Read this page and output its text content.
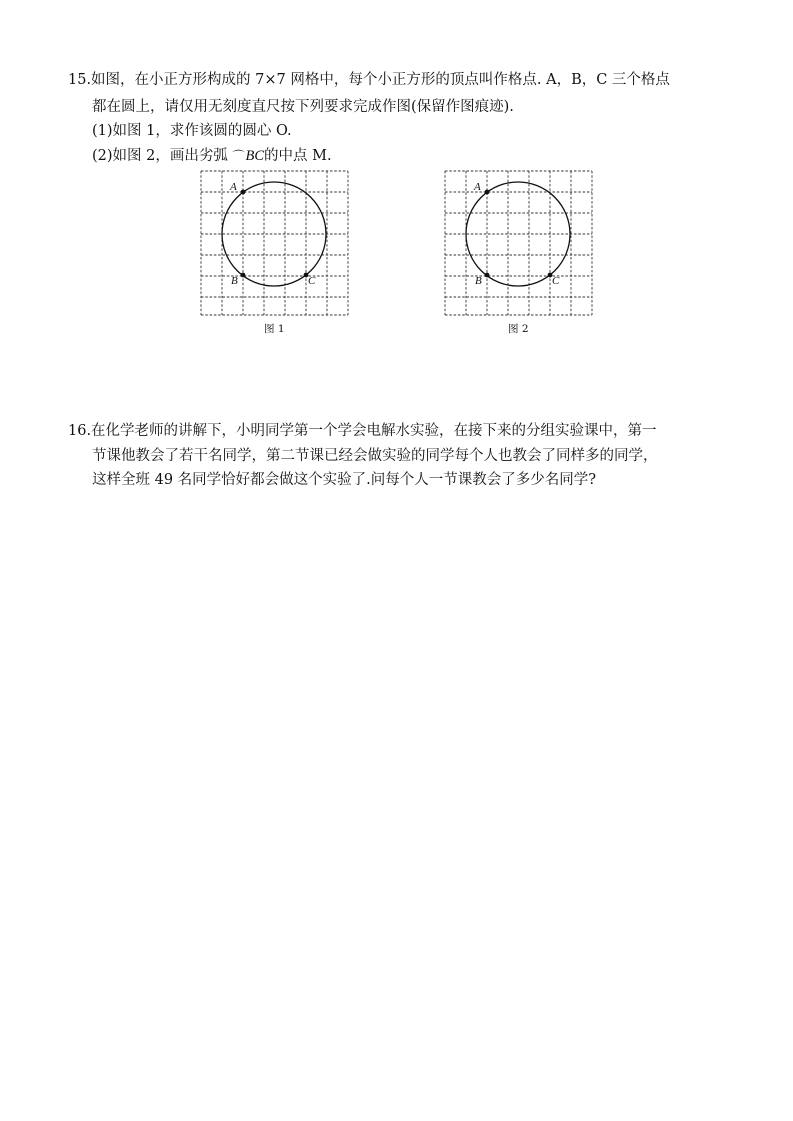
15.如图，在小正方形构成的 7×7 网格中，每个小正方形的顶点叫作格点. A，B，C 三个格点
都在圆上，请仅用无刻度直尺按下列要求完成作图(保留作图痕迹).
(1)如图 1，求作该圆的圆心 O.
(2)如图 2，画出劣弧 ⌒BC的中点 M.
A
B	C
图 1
A
B	C
图 2
16.在化学老师的讲解下，小明同学第一个学会电解水实验，在接下来的分组实验课中，第一
节课他教会了若干名同学，第二节课已经会做实验的同学每个人也教会了同样多的同学，
这样全班 49 名同学恰好都会做这个实验了.问每个人一节课教会了多少名同学?
